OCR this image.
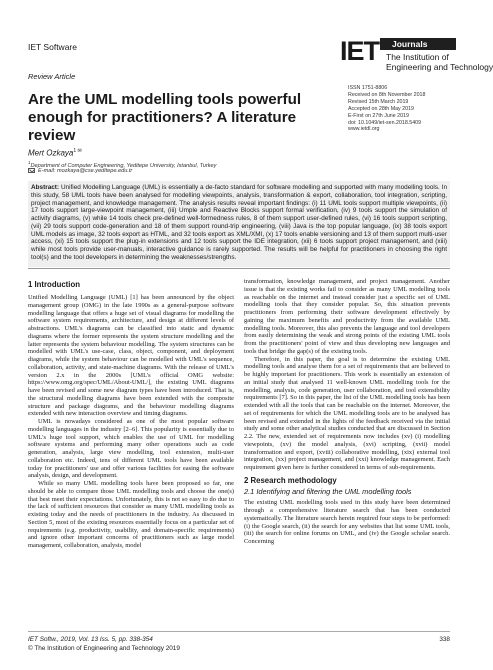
IET Software
Review Article
IET	Journals
The Institution of
Engineering and Technology
Are the UML modelling tools powerful enough for practitioners? A literature review
ISSN 1751-8806
Received on 8th November 2018
Revised 15th March 2019
Accepted on 28th May 2019
E-First on 27th June 2019
doi: 10.1049/iet-sen.2018.5409
www.ietdl.org
Mert Ozkaya$^{1 ✉}$
$^1$Department of Computer Engineering, Yeditepe University, Istanbul, Turkey
E-mail: mozkaya@cse.yeditepe.edu.tr
Abstract: Unified Modelling Language (UML) is essentially a de-facto standard for software modelling and supported with many modelling tools. In this study, 58 UML tools have been analysed for modelling viewpoints, analysis, transformation & export, collaboration, tool integration, scripting, project management, and knowledge management. The analysis results reveal important findings: (i) 11 UML tools support multiple viewpoints, (ii) 17 tools support large-viewpoint management, (iii) Umple and Reactive Blocks support formal verification, (iv) 9 tools support the simulation of activity diagrams, (v) while 14 tools check pre-defined well-formedness rules, 8 of them support user-defined rules, (vi) 16 tools support scripting, (vii) 29 tools support code-generation and 18 of them support round-trip engineering, (viii) Java is the top popular language, (ix) 38 tools export UML models as image, 32 tools export as HTML, and 32 tools export as XML/XMI, (x) 17 tools enable versioning and 13 of them support multi-user access, (xi) 15 tools support the plug-in extensions and 12 tools support the IDE integration, (xii) 6 tools support project management, and (xiii) while most tools provide user-manuals, interactive guidance is rarely supported. The results will be helpful for practitioners in choosing the right tool(s) and the tool developers in determining the weaknesses/strengths.
1 Introduction

Unified Modelling Language (UML) [1] has been announced by the object management group (OMG) in the late 1990s as a general-purpose software modelling language that offers a huge set of visual diagrams for modelling the software system requirements, architecture, and design at different levels of abstractions. UML's diagrams can be classified into static and dynamic diagrams where the former represents the system structure modelling and the latter represents the system behaviour modelling. The system structures can be modelled with UML's use-case, class, object, component, and deployment diagrams, while the system behaviour can be modelled with UML's sequence, collaboration, activity, and state-machine diagrams. With the release of UML's version 2.x in the 2000s [UML's official OMG website: https://www.omg.org/spec/UML/About-UML/], the existing UML diagrams have been revised and some new diagram types have been introduced. That is, the structural modelling diagrams have been extended with the composite structure and package diagrams, and the behaviour modelling diagrams extended with new interaction overview and timing diagrams.

UML is nowadays considered as one of the most popular software modelling languages in the industry [2–6]. This popularity is essentially due to UML's huge tool support, which enables the use of UML for modelling software systems and performing many other operations such as code generation, analysis, large view modelling, tool extension, multi-user collaboration etc. Indeed, tens of different UML tools have been available today for practitioners' use and offer various facilities for easing the software analysis, design, and development.

While so many UML modelling tools have been proposed so far, one should be able to compare those UML modelling tools and choose the one(s) that best meet their expectations. Unfortunately, this is not so easy to do due to the lack of sufficient resources that consider as many UML modelling tools as existing today and the needs of practitioners in the industry. As discussed in Section 5, most of the existing resources essentially focus on a particular set of requirements (e.g. productivity, usability, and domain-specific requirements) and ignore other important concerns of practitioners such as large model management, collaboration, analysis, model

transformation, knowledge management, and project management. Another issue is that the existing works fail to consider as many UML modelling tools as reachable on the internet and instead consider just a specific set of UML modelling tools that they consider popular. So, this situation prevents practitioners from performing their software development effectively by gaining the maximum benefits and productivity from the available UML modelling tools. Moreover, this also prevents the language and tool developers from easily determining the weak and strong points of the existing UML tools from the practitioners' point of view and thus developing new languages and tools that bridge the gap(s) of the existing tools.

Therefore, in this paper, the goal is to determine the existing UML modelling tools and analyse them for a set of requirements that are believed to be highly important for practitioners. This work is essentially an extension of an initial study that analysed 11 well-known UML modelling tools for the modelling, analysis, code generation, user collaboration, and tool extensibility requirements [7]. So in this paper, the list of the UML modelling tools has been extended with all the tools that can be reachable on the internet. Moreover, the set of requirements for which the UML modelling tools are to be analysed has been revised and extended in the lights of the feedback received via the initial study and some other analytical studies conducted that are discussed in Section 2.2. The new, extended set of requirements now includes (xv) (i) modelling viewpoints, (xv) the model analysis, (xvi) scripting, (xvii) model transformation and export, (xviii) collaborative modelling, (xix) external tool integration, (xx) project management, and (xxi) knowledge management. Each requirement given here is further considered in terms of sub-requirements.

2 Research methodology
2.1 Identifying and filtering the UML modelling tools

The existing UML modelling tools used in this study have been determined through a comprehensive literature search that has been conducted systematically. The literature search herein required four steps to be performed: (i) the Google search, (ii) the search for any websites that list some UML tools, (iii) the search for online forums on UML, and (iv) the Google scholar search. Concerning

IET Softw., 2019, Vol. 13 Iss. 5, pp. 338-354
© The Institution of Engineering and Technology 2019
338
